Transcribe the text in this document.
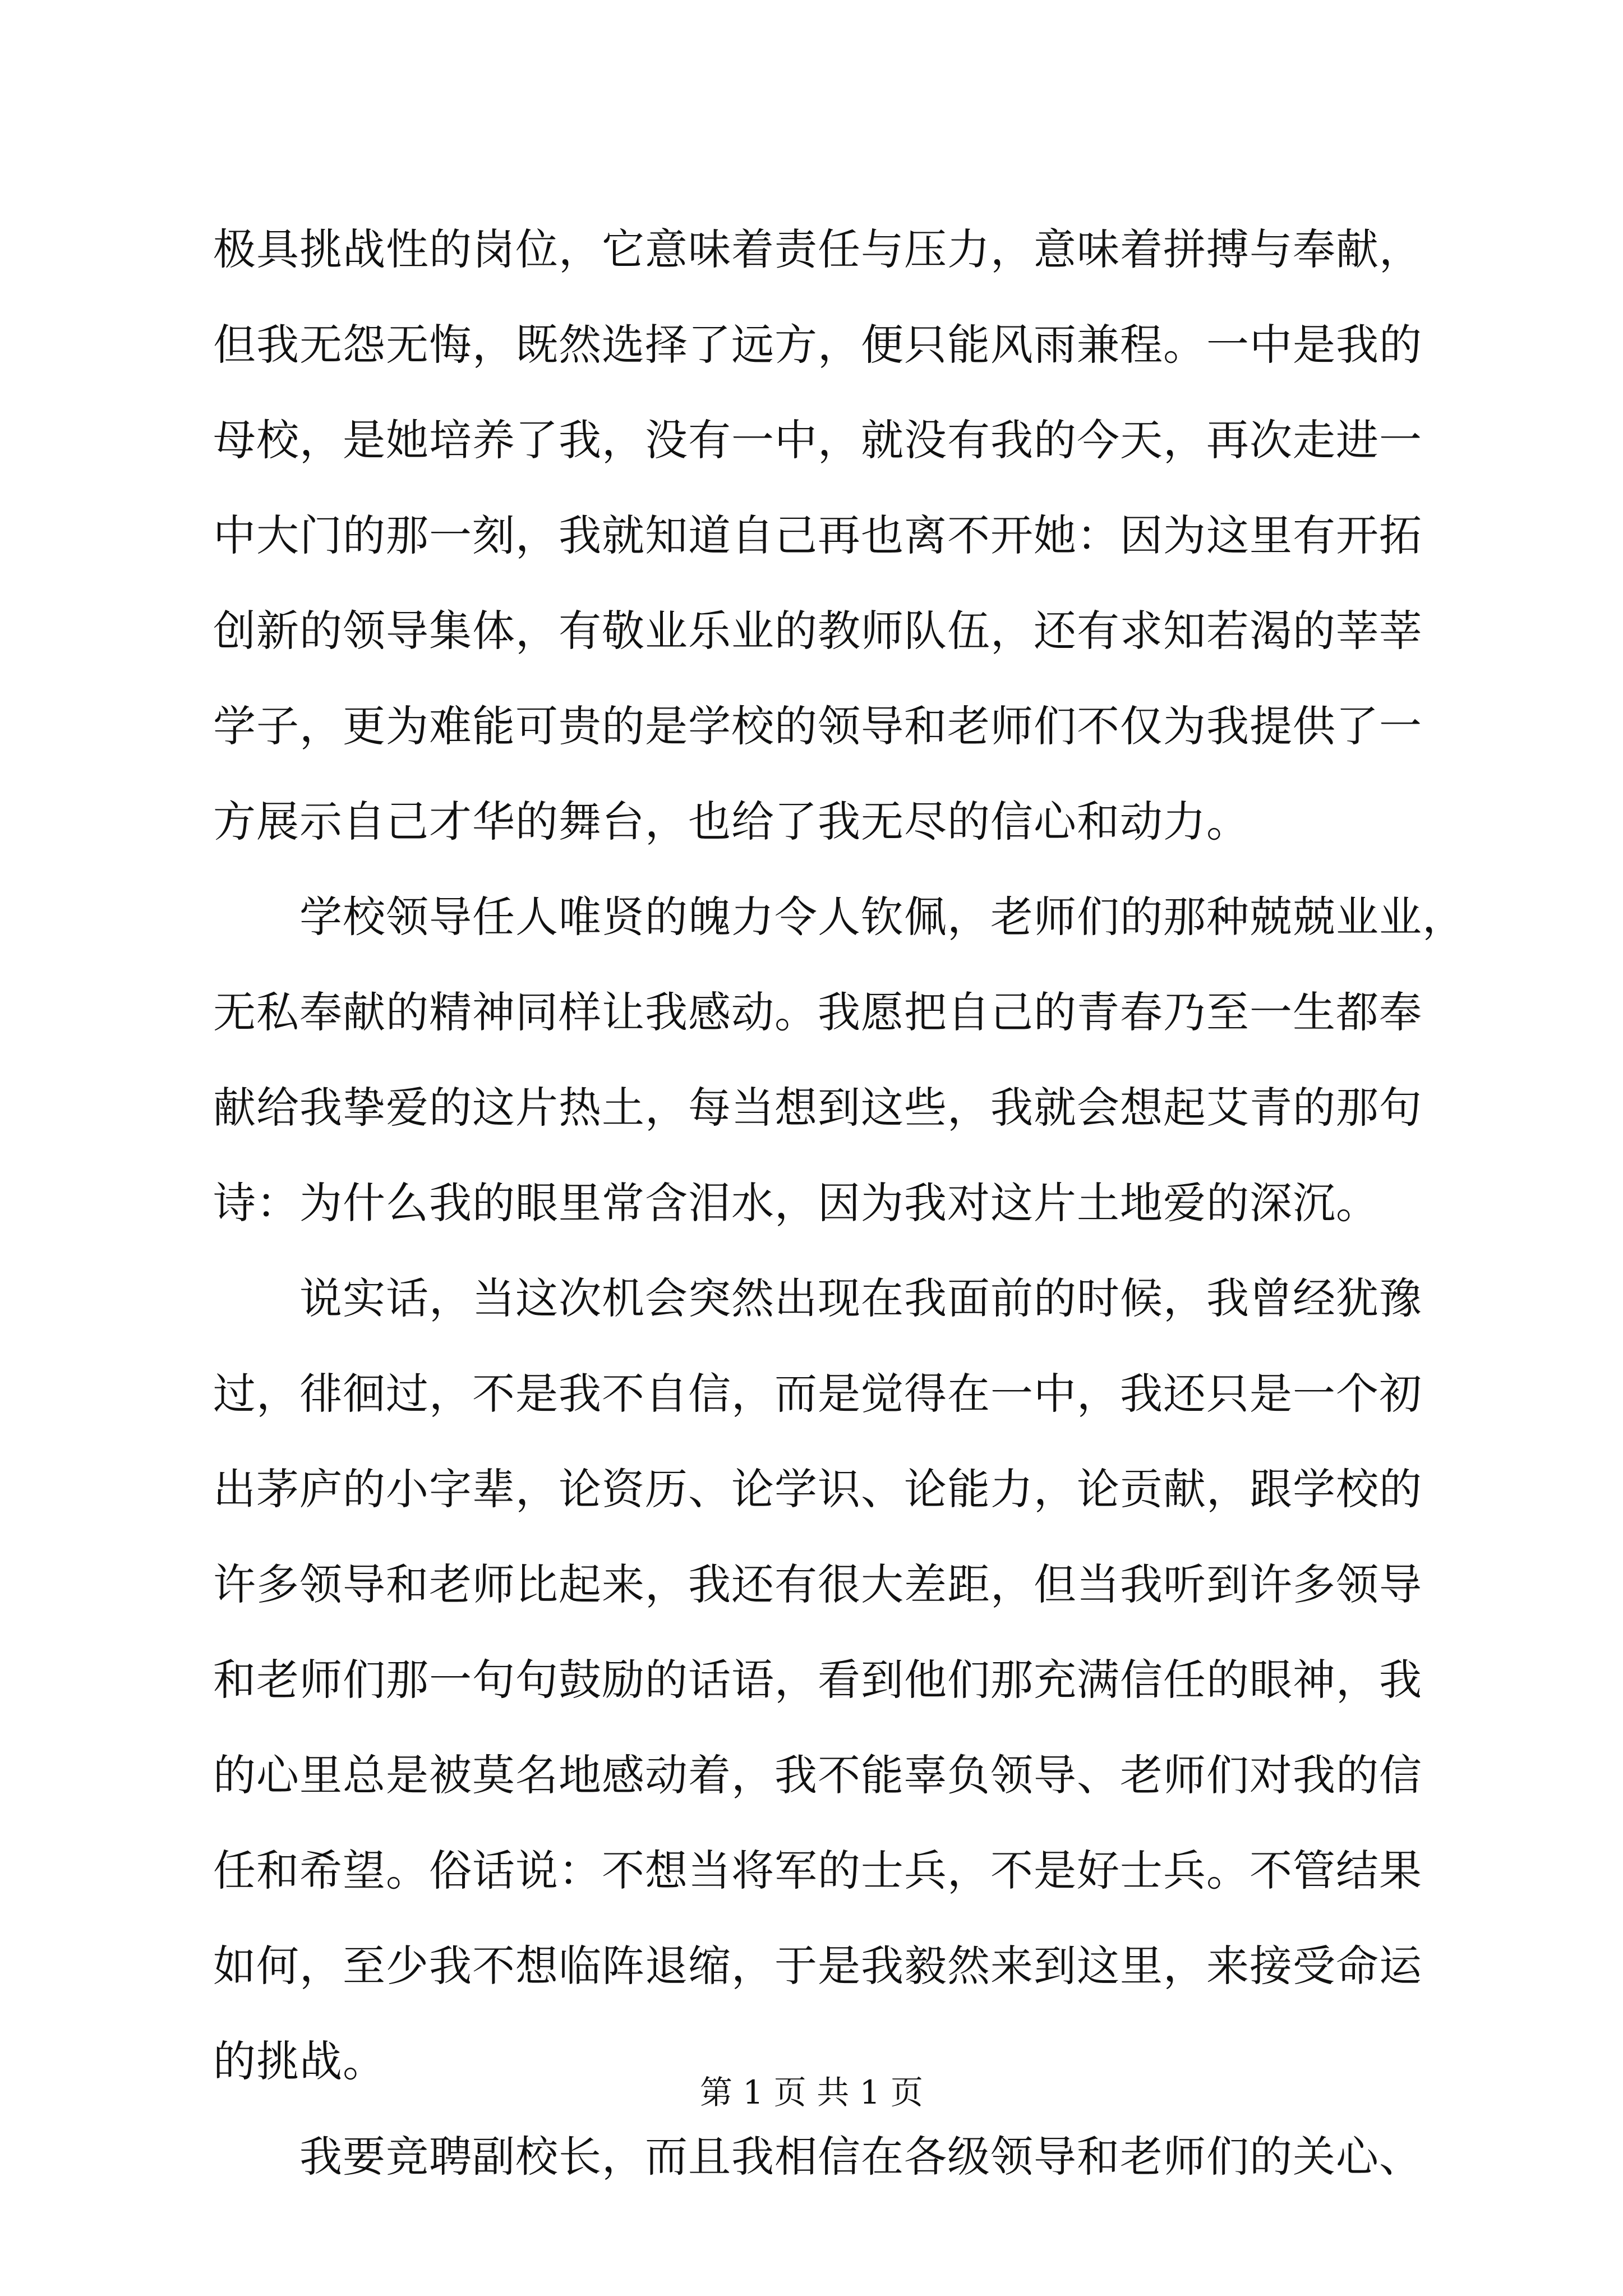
极具挑战性的岗位，它意味着责任与压力，意味着拼搏与奉献，
但我无怨无悔，既然选择了远方，便只能风雨兼程。一中是我的
母校，是她培养了我，没有一中，就没有我的今天，再次走进一
中大门的那一刻，我就知道自己再也离不开她：因为这里有开拓
创新的领导集体，有敬业乐业的教师队伍，还有求知若渴的莘莘
学子，更为难能可贵的是学校的领导和老师们不仅为我提供了一
方展示自己才华的舞台，也给了我无尽的信心和动力。
学校领导任人唯贤的魄力令人钦佩，老师们的那种兢兢业业，
无私奉献的精神同样让我感动。我愿把自己的青春乃至一生都奉
献给我挚爱的这片热土，每当想到这些，我就会想起艾青的那句
诗：为什么我的眼里常含泪水，因为我对这片土地爱的深沉。
说实话，当这次机会突然出现在我面前的时候，我曾经犹豫
过，徘徊过，不是我不自信，而是觉得在一中，我还只是一个初
出茅庐的小字辈，论资历、论学识、论能力，论贡献，跟学校的
许多领导和老师比起来，我还有很大差距，但当我听到许多领导
和老师们那一句句鼓励的话语，看到他们那充满信任的眼神，我
的心里总是被莫名地感动着，我不能辜负领导、老师们对我的信
任和希望。俗话说：不想当将军的士兵，不是好士兵。不管结果
如何，至少我不想临阵退缩，于是我毅然来到这里，来接受命运
的挑战。
我要竞聘副校长，而且我相信在各级领导和老师们的关心、
第 1 页 共 1 页
